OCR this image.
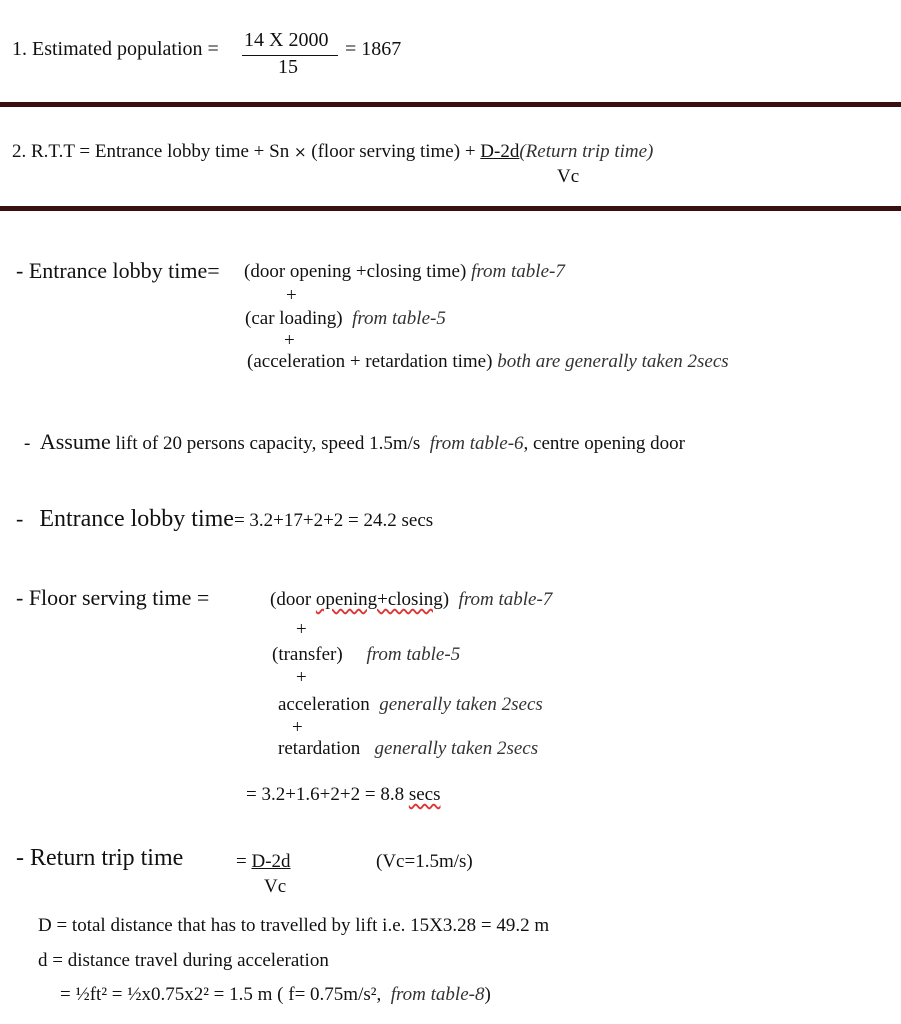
1. Estimated population = 14 X 2000
15
= 1867
2. R.T.T = Entrance lobby time + Sn × (floor serving time) + D-2d(Return trip time)
Vc
- Entrance lobby time= (door opening +closing time) from table-7
+
(car loading) from table-5
+
(acceleration + retardation time) both are generally taken 2secs
- Assume lift of 20 persons capacity, speed 1.5m/s from table-6, centre opening door
- Entrance lobby time= 3.2+17+2+2 = 24.2 secs
- Floor serving time =	(door opening+closing) from table-7
+
(transfer) from table-5
+
acceleration generally taken 2secs
+
retardation generally taken 2secs
= 3.2+1.6+2+2 = 8.8 secs
- Return trip time	= D-2d
Vc
(Vc=1.5m/s)
D = total distance that has to travelled by lift i.e. 15X3.28 = 49.2 m
d = distance travel during acceleration
= ½ft² = ½x0.75x2² = 1.5 m ( f= 0.75m/s², from table-8)
